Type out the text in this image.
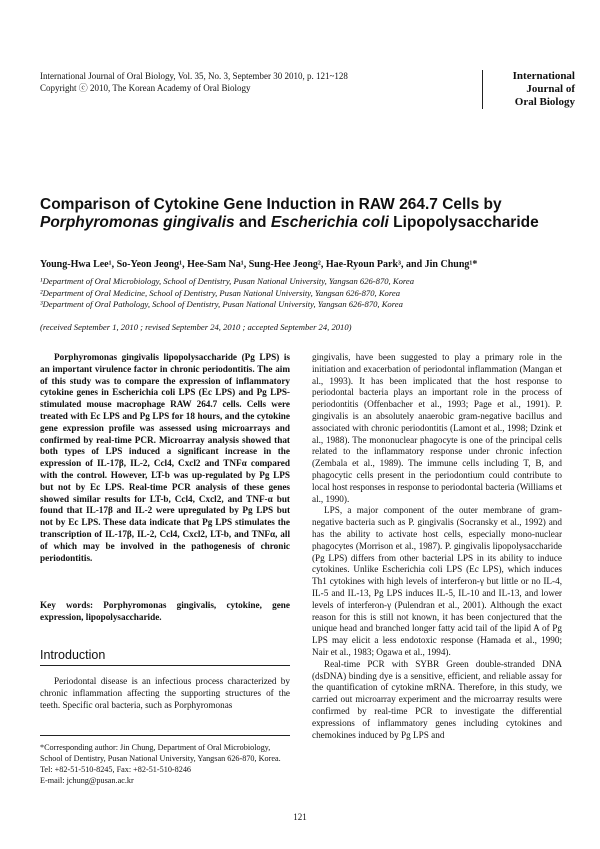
International Journal of Oral Biology, Vol. 35, No. 3, September 30 2010, p. 121~128
Copyright ⓒ 2010, The Korean Academy of Oral Biology
International
Journal of
Oral Biology
Comparison of Cytokine Gene Induction in RAW 264.7 Cells by
Porphyromonas gingivalis and Escherichia coli Lipopolysaccharide
Young-Hwa Lee¹, So-Yeon Jeong¹, Hee-Sam Na¹, Sung-Hee Jeong², Hae-Ryoun Park³, and Jin Chung¹*
¹Department of Oral Microbiology, School of Dentistry, Pusan National University, Yangsan 626-870, Korea
²Department of Oral Medicine, School of Dentistry, Pusan National University, Yangsan 626-870, Korea
³Department of Oral Pathology, School of Dentistry, Pusan National University, Yangsan 626-870, Korea
(received September 1, 2010 ; revised September 24, 2010 ; accepted September 24, 2010)
Porphyromonas gingivalis lipopolysaccharide (Pg LPS) is an important virulence factor in chronic periodontitis. The aim of this study was to compare the expression of inflammatory cytokine genes in Escherichia coli LPS (Ec LPS) and Pg LPS-stimulated mouse macrophage RAW 264.7 cells. Cells were treated with Ec LPS and Pg LPS for 18 hours, and the cytokine gene expression profile was assessed using microarrays and confirmed by real-time PCR. Microarray analysis showed that both types of LPS induced a significant increase in the expression of IL-17β, IL-2, Ccl4, Cxcl2 and TNFα compared with the control. However, LT-b was up-regulated by Pg LPS but not by Ec LPS. Real-time PCR analysis of these genes showed similar results for LT-b, Ccl4, Cxcl2, and TNF-α but found that IL-17β and IL-2 were upregulated by Pg LPS but not by Ec LPS. These data indicate that Pg LPS stimulates the transcription of IL-17β, IL-2, Ccl4, Cxcl2, LT-b, and TNFα, all of which may be involved in the pathogenesis of chronic periodontitis.
Key words: Porphyromonas gingivalis, cytokine, gene expression, lipopolysaccharide.
Introduction
Periodontal disease is an infectious process characterized by chronic inflammation affecting the supporting structures of the teeth. Specific oral bacteria, such as Porphyromonas
*Corresponding author: Jin Chung, Department of Oral Microbiology, School of Dentistry, Pusan National University, Yangsan 626-870, Korea. Tel: +82-51-510-8245, Fax: +82-51-510-8246
E-mail: jchung@pusan.ac.kr

gingivalis, have been suggested to play a primary role in the initiation and exacerbation of periodontal inflammation (Mangan et al., 1993). It has been implicated that the host response to periodontal bacteria plays an important role in the process of periodontitis (Offenbacher et al., 1993; Page et al., 1991). P. gingivalis is an absolutely anaerobic gram-negative bacillus and associated with chronic periodontitis (Lamont et al., 1998; Dzink et al., 1988). The mononuclear phagocyte is one of the principal cells related to the inflammatory response under chronic infection (Zembala et al., 1989). The immune cells including T, B, and phagocytic cells present in the periodontium could contribute to local host responses in response to periodontal bacteria (Williams et al., 1990).

LPS, a major component of the outer membrane of gram-negative bacteria such as P. gingivalis (Socransky et al., 1992) and has the ability to activate host cells, especially mono-nuclear phagocytes (Morrison et al., 1987). P. gingivalis lipopolysaccharide (Pg LPS) differs from other bacterial LPS in its ability to induce cytokines. Unlike Escherichia coli LPS (Ec LPS), which induces Th1 cytokines with high levels of interferon-γ but little or no IL-4, IL-5 and IL-13, Pg LPS induces IL-5, IL-10 and IL-13, and lower levels of interferon-γ (Pulendran et al., 2001). Although the exact reason for this is still not known, it has been conjectured that the unique head and branched longer fatty acid tail of the lipid A of Pg LPS may elicit a less endotoxic response (Hamada et al., 1990; Nair et al., 1983; Ogawa et al., 1994).

Real-time PCR with SYBR Green double-stranded DNA (dsDNA) binding dye is a sensitive, efficient, and reliable assay for the quantification of cytokine mRNA. Therefore, in this study, we carried out microarray experiment and the microarray results were confirmed by real-time PCR to investigate the differential expressions of inflammatory genes including cytokines and chemokines induced by Pg LPS and

121
